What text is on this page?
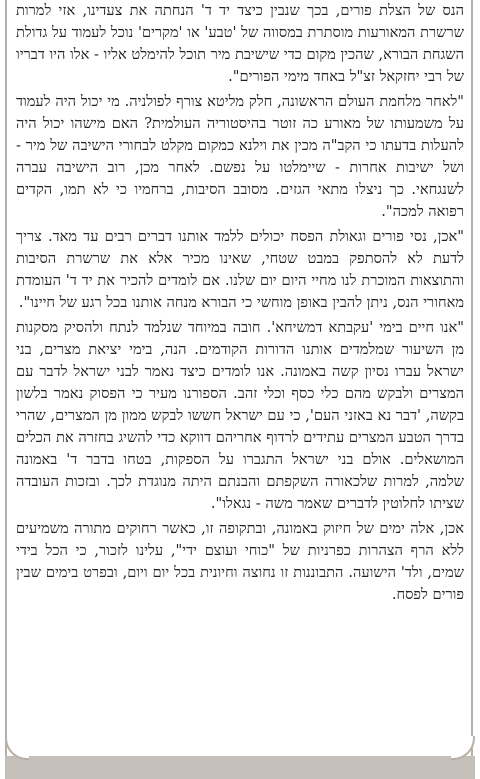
הנס של הצלת פורים, בכך שנבין כיצד יד ד' הנחתה את צעדינו, אזי למרות שרשרת המאורעות מוסתרת במסווה של 'טבע' או 'מקרים' נוכל לעמוד על גדולת השגחת הבורא, שהכין מקום כדי שישיבת מיר תוכל להימלט אליו - אלו היו דבריו של רבי יחזקאל זצ"ל באחד מימי הפורים".

"לאחר מלחמת העולם הראשונה, חלק מליטא צורף לפולניה. מי יכול היה לעמוד על משמעותו של מאורע כה זוטר בהיסטוריה העולמית? האם מישהו יכול היה להעלות בדעתו כי הקב"ה מכין את וילנא כמקום מקלט לבחורי הישיבה של מיר - ושל ישיבות אחרות - שיימלטו על נפשם. לאחר מכן, רוב הישיבה עברה לשנגחאי. כך ניצלו מתאי הגזים. מסובב הסיבות, ברחמיו כי לא תמו, הקדים רפואה למכה".

"אכן, נסי פורים וגאולת הפסח יכולים ללמד אותנו דברים רבים עד מאד. צריך לדעת לא להסתפק במבט שטחי, שאינו מכיר אלא את שרשרת הסיבות והתוצאות המוכרת לנו מחיי היום יום שלנו. אם לומדים להכיר את יד ד' העומדת מאחורי הנס, ניתן להבין באופן מוחשי כי הבורא מנחה אותנו בכל רגע של חיינו".

"אנו חיים בימי 'עקבתא דמשיחא'. חובה במיוחד שנלמד לנתח ולהסיק מסקנות מן השיעור שמלמדים אותנו הדורות הקודמים. הנה, בימי יציאת מצרים, בני ישראל עברו נסיון קשה באמונה. אנו לומדים כיצד נאמר לבני ישראל לדבר עם המצרים ולבקש מהם כלי כסף וכלי זהב. הספורנו מעיר כי הפסוק נאמר בלשון בקשה, 'דבר נא באזני העם', כי עם ישראל חששו לבקש ממון מן המצרים, שהרי בדרך הטבע המצרים עתידים לרדוף אחריהם דווקא כדי להשיג בחזרה את הכלים המושאלים. אולם בני ישראל התגברו על הספקות, בטחו בדבר ד' באמונה שלמה, למרות שלכאורה השקפתם והבנתם היתה מנוגדת לכך. ובזכות העובדה שציתו לחלוטין לדברים שאמר משה - נגאלו".

אכן, אלה ימים של חיזוק באמונה, ובתקופה זו, כאשר רחוקים מתורה משמיעים ללא הרף הצהרות כפרניות של "כוחי ועוצם ידי", עלינו לזכור, כי הכל בידי שמים, ולד' הישועה. התבוננות זו נחוצה וחיונית בכל יום ויום, ובפרט בימים שבין פורים לפסח.
